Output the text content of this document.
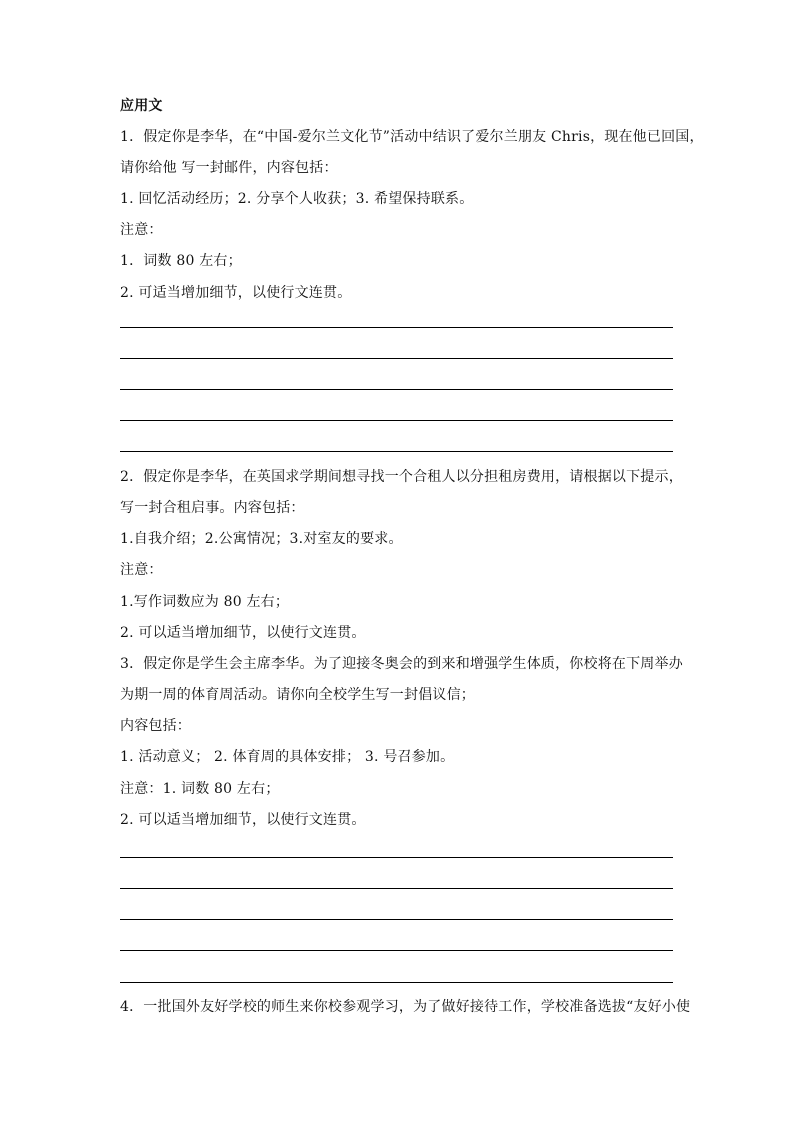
应用文
1．假定你是李华，在“中国-爱尔兰文化节”活动中结识了爱尔兰朋友 Chris，现在他已回国，
请你给他 写一封邮件，内容包括：
1. 回忆活动经历；2. 分享个人收获；3. 希望保持联系。
注意：
1．词数 80 左右；
2. 可适当增加细节，以使行文连贯。
2．假定你是李华，在英国求学期间想寻找一个合租人以分担租房费用，请根据以下提示，
写一封合租启事。内容包括：
1.自我介绍；2.公寓情况；3.对室友的要求。
注意：
1.写作词数应为 80 左右；
2. 可以适当增加细节，以使行文连贯。
3．假定你是学生会主席李华。为了迎接冬奥会的到来和增强学生体质，你校将在下周举办
为期一周的体育周活动。请你向全校学生写一封倡议信；
内容包括：
1. 活动意义； 2. 体育周的具体安排； 3. 号召参加。
注意：1. 词数 80 左右；
2. 可以适当增加细节，以使行文连贯。
4．一批国外友好学校的师生来你校参观学习，为了做好接待工作，学校准备选拔“友好小使
